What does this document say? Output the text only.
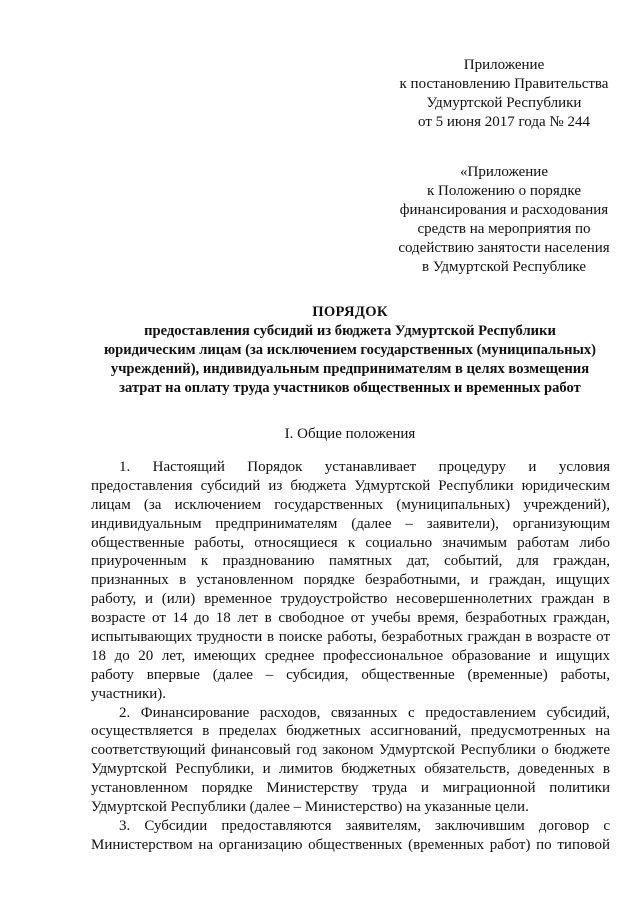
Приложение
к постановлению Правительства
Удмуртской Республики
от 5 июня 2017 года № 244
«Приложение
к Положению о порядке
финансирования и расходования
средств на мероприятия по
содействию занятости населения
в Удмуртской Республике
ПОРЯДОК
предоставления субсидий из бюджета Удмуртской Республики
юридическим лицам (за исключением государственных (муниципальных)
учреждений), индивидуальным предпринимателям в целях возмещения
затрат на оплату труда участников общественных и временных работ
I. Общие положения
1. Настоящий Порядок устанавливает процедуру и условия
предоставления субсидий из бюджета Удмуртской Республики юридическим
лицам (за исключением государственных (муниципальных) учреждений),
индивидуальным предпринимателям (далее – заявители), организующим
общественные работы, относящиеся к социально значимым работам либо
приуроченным к празднованию памятных дат, событий, для граждан,
признанных в установленном порядке безработными, и граждан, ищущих
работу, и (или) временное трудоустройство несовершеннолетних граждан в
возрасте от 14 до 18 лет в свободное от учебы время, безработных граждан,
испытывающих трудности в поиске работы, безработных граждан в возрасте от
18 до 20 лет, имеющих среднее профессиональное образование и ищущих
работу впервые (далее – субсидия, общественные (временные) работы,
участники).
2. Финансирование расходов, связанных с предоставлением субсидий,
осуществляется в пределах бюджетных ассигнований, предусмотренных на
соответствующий финансовый год законом Удмуртской Республики о бюджете
Удмуртской Республики, и лимитов бюджетных обязательств, доведенных в
установленном порядке Министерству труда и миграционной политики
Удмуртской Республики (далее – Министерство) на указанные цели.
3. Субсидии предоставляются заявителям, заключившим договор с
Министерством на организацию общественных (временных работ) по типовой
